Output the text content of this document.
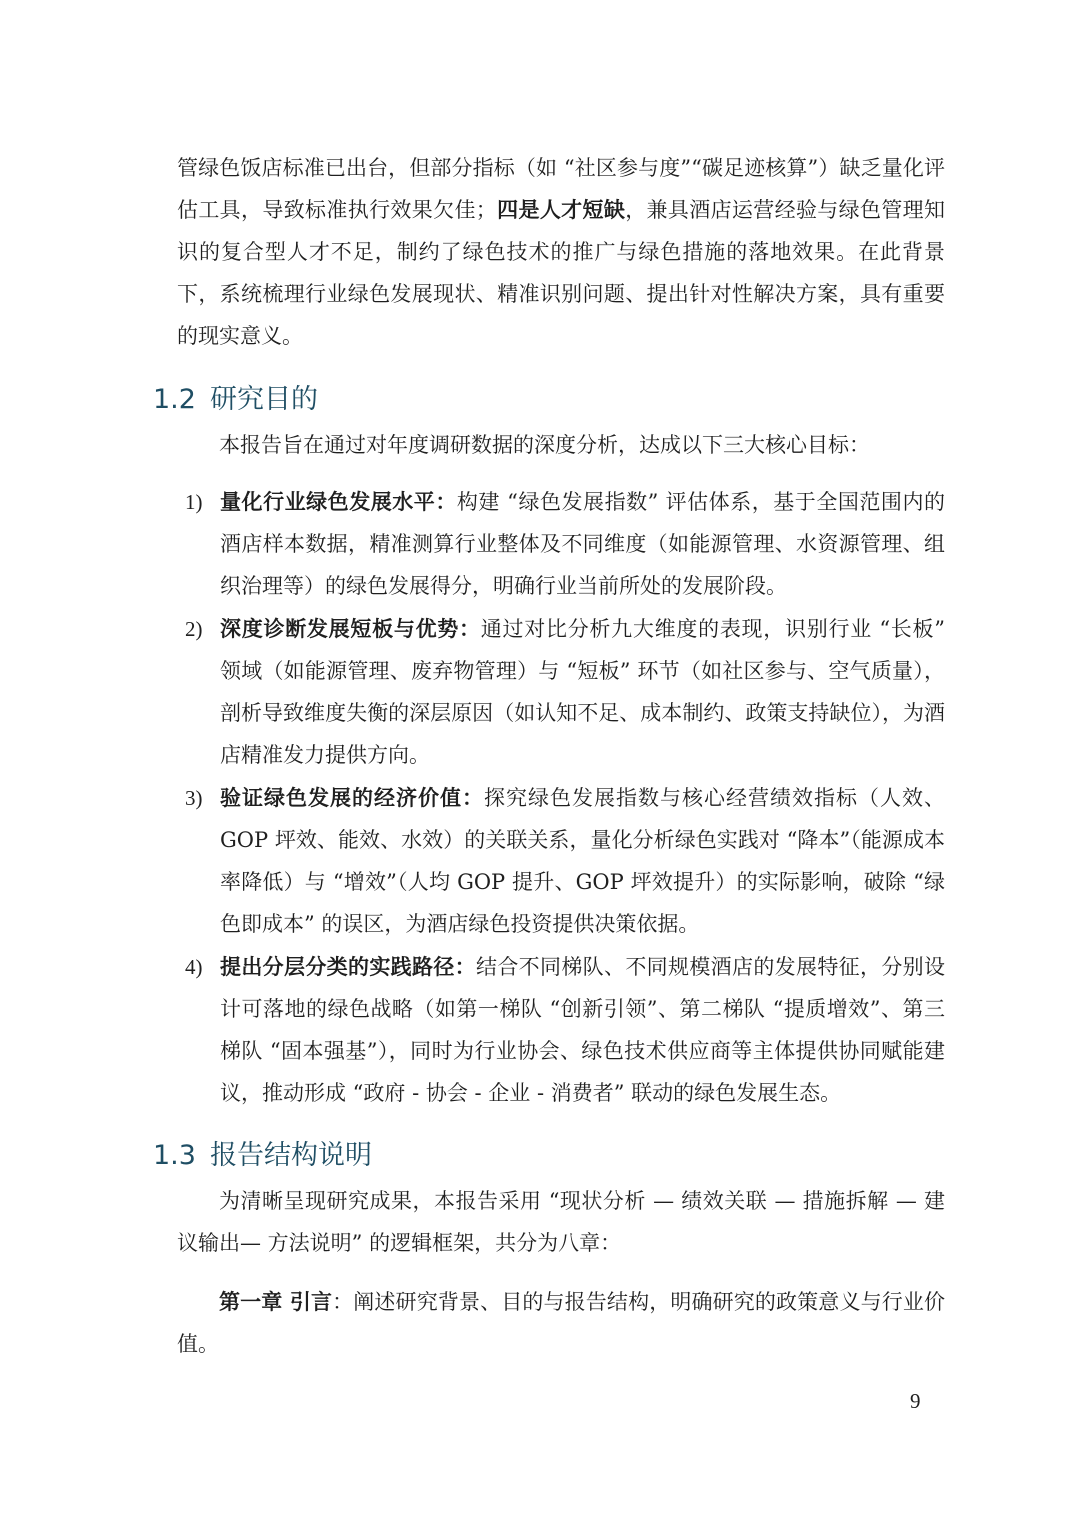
管绿色饭店标准已出台，但部分指标（如 “社区参与度”“碳足迹核算”）缺乏量化评估工具，导致标准执行效果欠佳；四是人才短缺，兼具酒店运营经验与绿色管理知识的复合型人才不足，制约了绿色技术的推广与绿色措施的落地效果。在此背景下，系统梳理行业绿色发展现状、精准识别问题、提出针对性解决方案，具有重要的现实意义。

1.2 研究目的

本报告旨在通过对年度调研数据的深度分析，达成以下三大核心目标：

1) 量化行业绿色发展水平：构建 “绿色发展指数” 评估体系，基于全国范围内的酒店样本数据，精准测算行业整体及不同维度（如能源管理、水资源管理、组织治理等）的绿色发展得分，明确行业当前所处的发展阶段。
2) 深度诊断发展短板与优势：通过对比分析九大维度的表现，识别行业 “长板” 领域（如能源管理、废弃物管理）与 “短板” 环节（如社区参与、空气质量），剖析导致维度失衡的深层原因（如认知不足、成本制约、政策支持缺位），为酒店精准发力提供方向。
3) 验证绿色发展的经济价值：探究绿色发展指数与核心经营绩效指标（人效、GOP 坪效、能效、水效）的关联关系，量化分析绿色实践对 “降本”（能源成本率降低）与 “增效”（人均 GOP 提升、GOP 坪效提升）的实际影响，破除 “绿色即成本” 的误区，为酒店绿色投资提供决策依据。
4) 提出分层分类的实践路径：结合不同梯队、不同规模酒店的发展特征，分别设计可落地的绿色战略（如第一梯队 “创新引领”、第二梯队 “提质增效”、第三梯队 “固本强基”），同时为行业协会、绿色技术供应商等主体提供协同赋能建议，推动形成 “政府 - 协会 - 企业 - 消费者” 联动的绿色发展生态。
1.3 报告结构说明

为清晰呈现研究成果，本报告采用 “现状分析 — 绩效关联 — 措施拆解 — 建议输出— 方法说明” 的逻辑框架，共分为八章：

第一章 引言：阐述研究背景、目的与报告结构，明确研究的政策意义与行业价值。

9
